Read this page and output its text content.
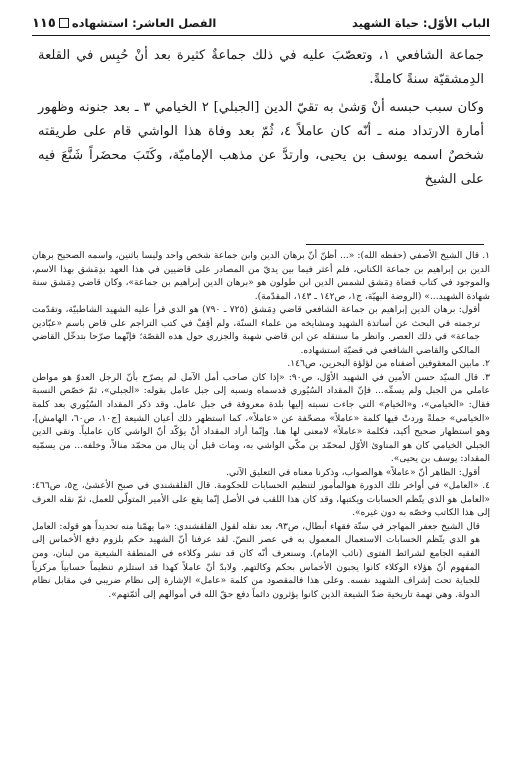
الباب الأوّل: حياة الشهيد
الفصل العاشر: استشهاده١١٥

جماعة الشافعي ١، وتعصّبَ عليه في ذلك جماعةٌ كثيرة بعد أنْ حُبِس في القلعة الدِمشقيّة سنةً كاملةً.

وكان سبب حبسه أنْ وَشىٰ به تقيّ الدين [الجبلي] ٢ الخيامي ٣ ـ بعد جنونه وظهور أمارة الارتداد منه ـ أنّه كان عاملاً ٤، ثُمّ بعد وفاة هذا الواشي قام على طريقته شخصٌ اسمه يوسف بن يحيى، وارتدَّ عن مذهب الإماميّة، وكَتَبَ محضَراً شَنَّعَ فيه على الشيخ

١. قال الشيخ الأصفي (حفظه الله): «... أظنّ أنّ برهان الدين وابن جماعة شخص واحد وليسا باثنين، واسمه الصحيح برهان الدين بن إبراهيم بن جماعة الكناني، فلم أعثر فيما بين يديّ من المصادر على قاضيين في هذا العهد بدِمَشق بهذا الاسم، والموجود في كتاب قضاة دِمَشق لشمس الدين ابن طولون هو «برهان الدين إبراهيم بن جماعة»، وكان قاضي دِمَشق سنة شهادة الشهيد...» (الروضة البهيّة، ج١، ص١٤٢ ـ ١٤٣، المقدّمة).

أقول: برهان الدين إبراهيم بن جماعة الشافعي قاضي دِمَشق (٧٢٥ ـ ٧٩٠) هو الذي قرأ عليه الشهيد الشاطبيّة، وتقدّمت ترجمته في البحث عن أساتذة الشهيد ومشايخه من علماء السنّة، ولم أقِفْ في كتب التراجم على قاض باسم «عبّادين جماعة» في ذلك العصر. وانظر ما سننقله عن ابن قاضي شهبة والجزري حول هذه القصّة؛ فإنّهما صرّحا بتدخّل القاضي المالكي والقاضي الشافعي في قضيّة استشهاده.

٢. مابين المعقوفين أضفناه من لؤلؤة البحرين، ص١٤٦.

٣. قال السيّد حسن الأمين في الشهيد الأوّل، ص٩٠: «إذا كان صاحب أمل الآمل لم يصرّح بأنّ الرجل العدوّ هو مواطن عاملي من الجبل ولم يسمِّه... فإنّ المقداد السُيُوري قدسماه ونسبه إلى جبل عامل بقوله: «الجبلي»، ثمّ خصّص النسبة فقال: «الخيامي»، و«الخيام» التي جاءت نسبته إليها بلدة معروفة في جبل عامل. وقد ذكر المقداد السُيُوري بعد كلمة «الخيامي» جملةً وردتْ فيها كلمة «عاملاً» مصحّفة عن «عاملاً»، كما استظهر ذلك أعيان الشيعة [ج١٠، ص٦٠، الهامش]، وهو استظهار صحيح أكيد، فكلمة «عاملاً» لامعنى لها هنا. وإنّما أراد المقداد أنْ يؤكّد أنّ الواشي كان عاملياً. وتقي الدين الجبلي الخيامي كان هو المناوئ الأوّل لمحمّد بن مكّي الواشي به، ومات قبل أن ينال من محمّد منالاً، وخلفه... من يسمّيه المقداد: يوسف بن يحيى».

أقول: الظاهر أنّ «عاملاً» هوالصواب، وذكرنا معناه في التعليق الآتي.

٤. «العامل» في أواخر تلك الدورة هوالمأمور لتنظيم الحسابات للحكومة. قال القلقشندي في صبح الأعشىٰ، ج٥، ص٤٦٦: «العامل هو الذي يتّظم الحسابات ويكتبها، وقد كان هذا اللقب في الأصل إنّما يقع على الأمير المتولّي للعمل، ثمّ نقله العرف إلى هذا الكاتب وخصّه به دون غيره».

قال الشيخ جعفر المهاجر في ستّة فقهاء أبطال، ص٩٣، بعد نقله لقول القلقشندي: «ما يهمّنا منه تحديداً هو قوله: العامل هو الذي يتّظم الحسابات الاستعمال المعمول به في عصر النصّ. لقد عرفنا أنّ الشهيد حكم بلزوم دفع الأخماس إلى الفقيه الجامع لشرائط الفتوى (نائب الإمام). وسنعرف أنّه كان قد نشر وكلاءه في المنطقة الشيعية من لبنان، ومن المفهوم أنّ هؤلاء الوكلاء كانوا يجبون الأخماس بحكم وكالتهم. ولابدّ أنّ عاملاً كهذا قد استلزم تنظيماً حسابياً مركزياً للجباية تحت إشراف الشهيد نفسه. وعلى هذا فالمقصود من كلمة «عامل» الإشارة إلى نظام ضريبي في مقابل نظام الدولة. وهي تهمة تاريخية ضدّ الشيعة الذين كانوا يؤثرون دائماً دفع حقّ الله في أموالهم إلى أئمّتهم».
